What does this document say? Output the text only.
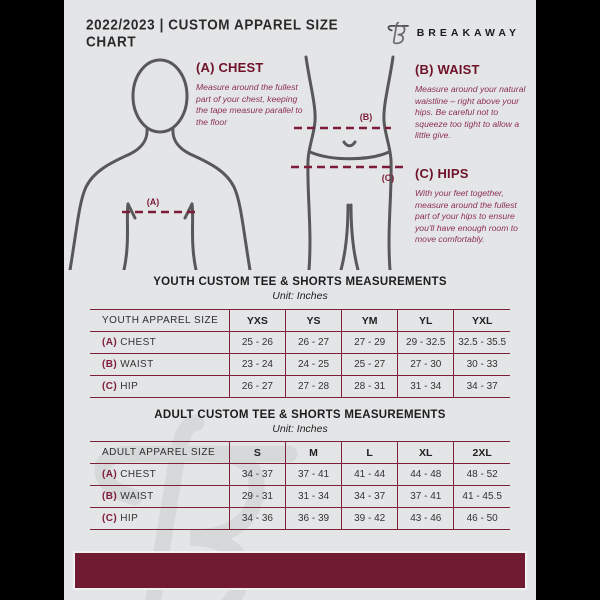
2022/2023 | CUSTOM APPAREL SIZE CHART	BREAKAWAY
(A)
(B)
(C)
(A) CHEST
Measure around the fullest part of your chest, keeping the tape measure parallel to the floor
(B) WAIST
Measure around your natural waistline – right above your hips. Be careful not to squeeze too tight to allow a little give.
(C) HIPS
With your feet together, measure around the fullest part of your hips to ensure you'll have enough room to move comfortably.
YOUTH CUSTOM TEE & SHORTS MEASUREMENTS
Unit: Inches
YOUTH APPAREL SIZE	YXS	YS	YM	YL	YXL
(A) CHEST	25 - 26	26 - 27	27 - 29	29 - 32.5	32.5 - 35.5
(B) WAIST	23 - 24	24 - 25	25 - 27	27 - 30	30 - 33
(C) HIP	26 - 27	27 - 28	28 - 31	31 - 34	34 - 37
ADULT CUSTOM TEE & SHORTS MEASUREMENTS
Unit: Inches
ADULT APPAREL SIZE	S	M	L	XL	2XL
(A) CHEST	34 - 37	37 - 41	41 - 44	44 - 48	48 - 52
(B) WAIST	29 - 31	31 - 34	34 - 37	37 - 41	41 - 45.5
(C) HIP	34 - 36	36 - 39	39 - 42	43 - 46	46 - 50
